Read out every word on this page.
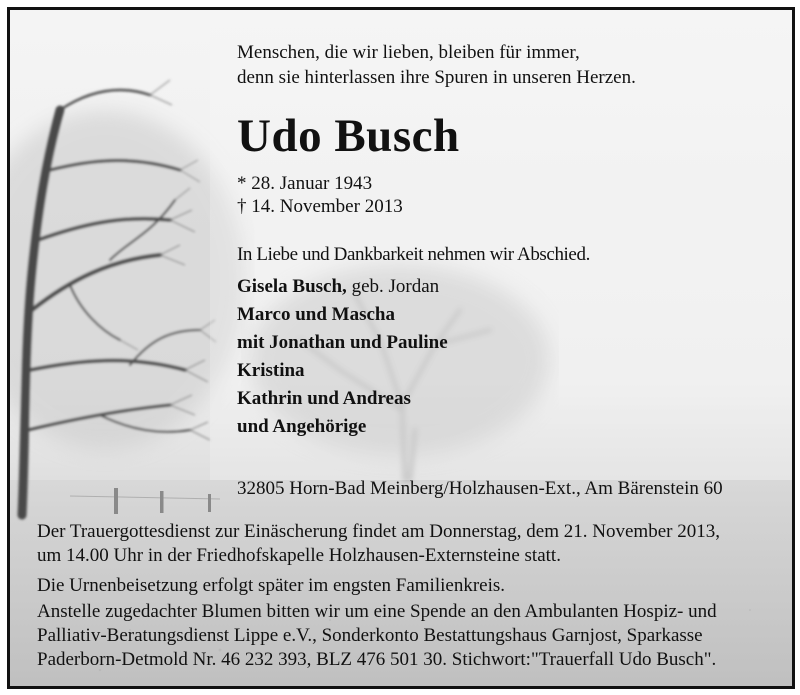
Menschen, die wir lieben, bleiben für immer,
denn sie hinterlassen ihre Spuren in unseren Herzen.
Udo Busch
* 28. Januar 1943
† 14. November 2013
In Liebe und Dankbarkeit nehmen wir Abschied.
Gisela Busch, geb. Jordan
Marco und Mascha
mit Jonathan und Pauline
Kristina
Kathrin und Andreas
und Angehörige
32805 Horn-Bad Meinberg/Holzhausen-Ext., Am Bärenstein 60
Der Trauergottesdienst zur Einäscherung findet am Donnerstag, dem 21. November 2013,
um 14.00 Uhr in der Friedhofskapelle Holzhausen-Externsteine statt.
Die Urnenbeisetzung erfolgt später im engsten Familienkreis.
Anstelle zugedachter Blumen bitten wir um eine Spende an den Ambulanten Hospiz- und
Palliativ-Beratungsdienst Lippe e.V., Sonderkonto Bestattungshaus Garnjost, Sparkasse
Paderborn-Detmold Nr. 46 232 393, BLZ 476 501 30. Stichwort:"Trauerfall Udo Busch".
